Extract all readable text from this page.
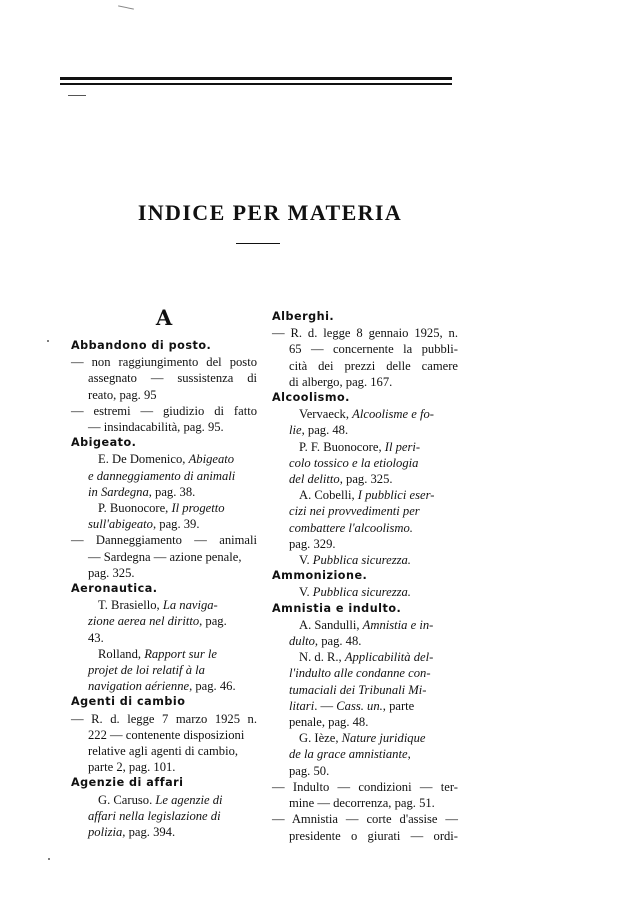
INDICE PER MATERIA
A
Abbandono di posto.
— non raggiungimento del posto
assegnato — sussistenza di
reato, pag. 95
— estremi — giudizio di fatto
— insindacabilità, pag. 95.
Abigeato.
E. De Domenico, Abigeato
e danneggiamento di animali
in Sardegna, pag. 38.
P. Buonocore, Il progetto
sull'abigeato, pag. 39.
— Danneggiamento — animali
— Sardegna — azione penale,
pag. 325.
Aeronautica.
T. Brasiello, La naviga-
zione aerea nel diritto, pag.
43.
Rolland, Rapport sur le
projet de loi relatif à la
navigation aérienne, pag. 46.
Agenti di cambio
— R. d. legge 7 marzo 1925 n.
222 — contenente disposizioni
relative agli agenti di cambio,
parte 2, pag. 101.
Agenzie di affari
G. Caruso. Le agenzie di
affari nella legislazione di
polizia, pag. 394.
Alberghi.
— R. d. legge 8 gennaio 1925, n.
65 — concernente la pubbli-
cità dei prezzi delle camere
di albergo, pag. 167.
Alcoolismo.
Vervaeck, Alcoolisme e fo-
lie, pag. 48.
P. F. Buonocore, Il peri-
colo tossico e la etiologia
del delitto, pag. 325.
A. Cobelli, I pubblici eser-
cizi nei provvedimenti per
combattere l'alcoolismo.
pag. 329.
V. Pubblica sicurezza.
Ammonizione.
V. Pubblica sicurezza.
Amnistia e indulto.
A. Sandulli, Amnistia e in-
dulto, pag. 48.
N. d. R., Applicabilità del-
l'indulto alle condanne con-
tumaciali dei Tribunali Mi-
litari. — Cass. un., parte
penale, pag. 48.
G. Ièze, Nature juridique
de la grace amnistiante,
pag. 50.
— Indulto — condizioni — ter-
mine — decorrenza, pag. 51.
— Amnistia — corte d'assise —
presidente o giurati — ordi-
